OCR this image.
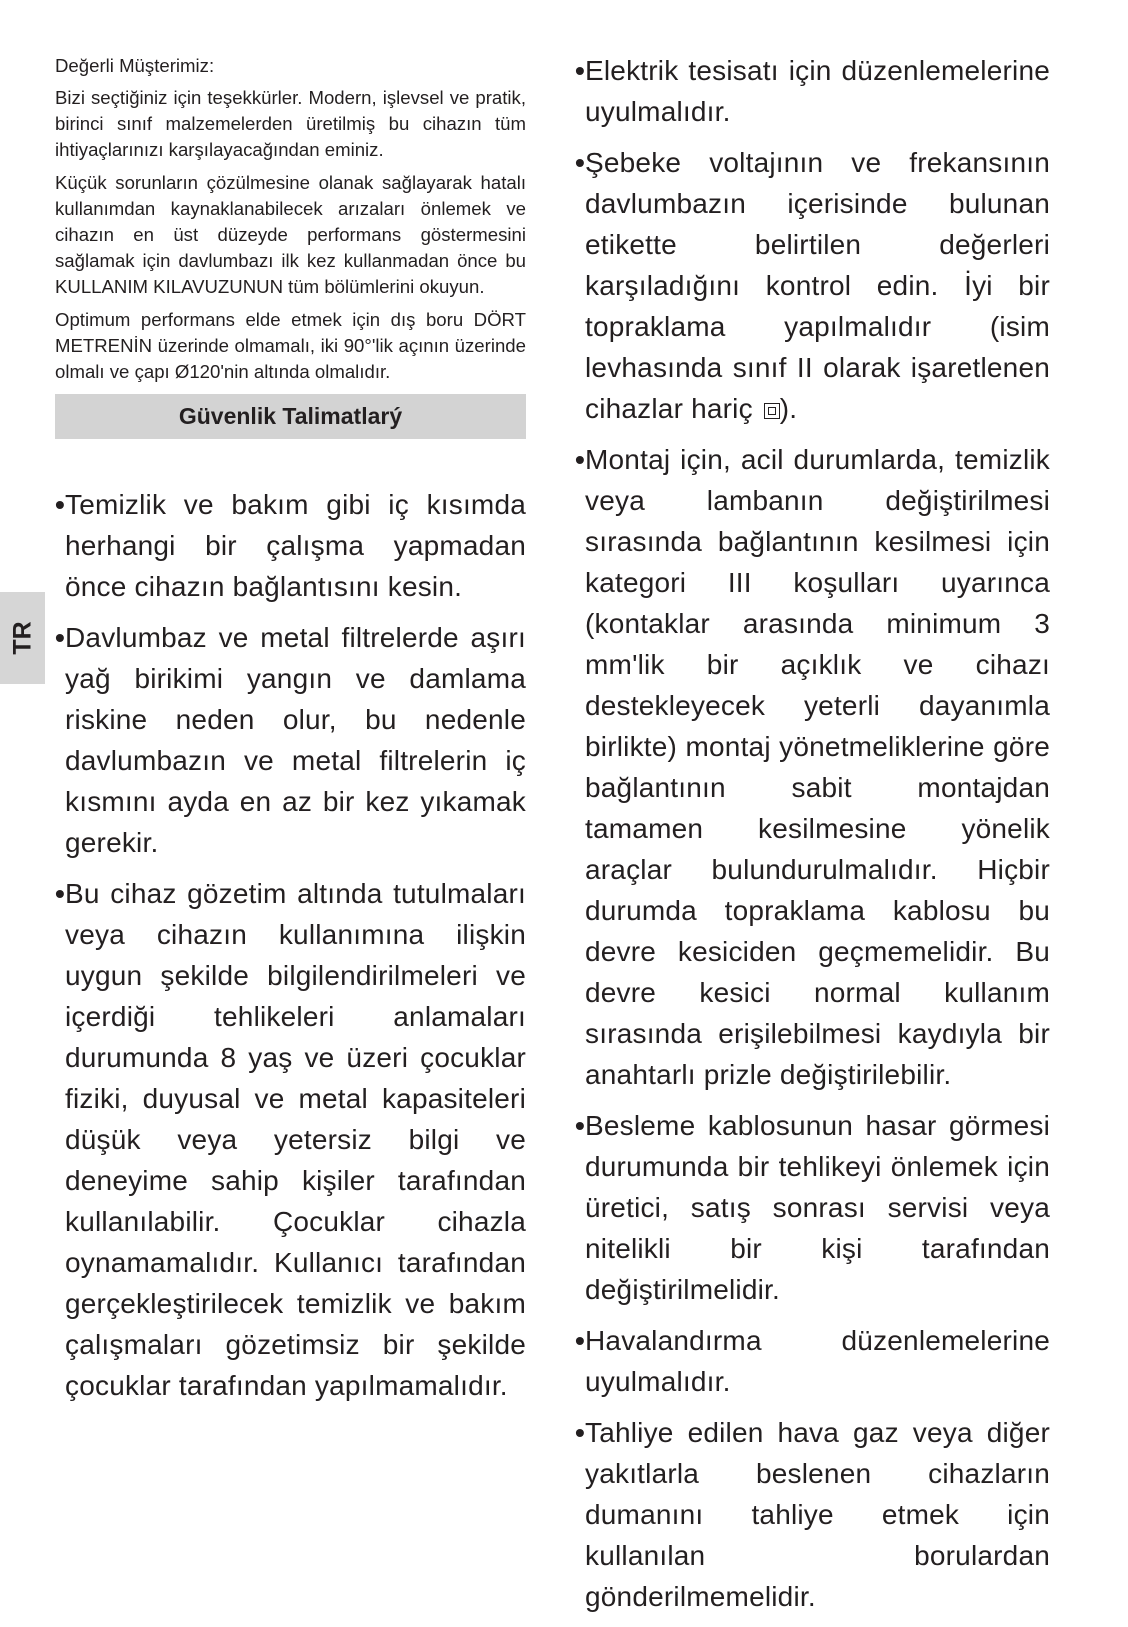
TR

Değerli Müşterimiz:

Bizi seçtiğiniz için teşekkürler. Modern, işlevsel ve pratik, birinci sınıf malzemelerden üretilmiş bu cihazın tüm ihtiyaçlarınızı karşılayacağından eminiz.

Küçük sorunların çözülmesine olanak sağlayarak hatalı kullanımdan kaynaklanabilecek arızaları önlemek ve cihazın en üst düzeyde performans göstermesini sağlamak için davlumbazı ilk kez kullanmadan önce bu KULLANIM KILAVUZUNUN tüm bölümlerini okuyun.

Optimum performans elde etmek için dış boru DÖRT METRENİN üzerinde olmamalı, iki 90°'lik açının üzerinde olmalı ve çapı Ø120'nin altında olmalıdır.

Güvenlik Talimatlarý
• Temizlik ve bakım gibi iç kısımda herhangi bir çalışma yapmadan önce cihazın bağlantısını kesin.
• Davlumbaz ve metal filtrelerde aşırı yağ birikimi yangın ve damlama riskine neden olur, bu nedenle davlumbazın ve metal filtrelerin iç kısmını ayda en az bir kez yıkamak gerekir.
• Bu cihaz gözetim altında tutulmaları veya cihazın kullanımına ilişkin uygun şekilde bilgilendirilmeleri ve içerdiği tehlikeleri anlamaları durumunda 8 yaş ve üzeri çocuklar fiziki, duyusal ve metal kapasiteleri düşük veya yetersiz bilgi ve deneyime sahip kişiler tarafından kullanılabilir. Çocuklar cihazla oynamamalıdır. Kullanıcı tarafından gerçekleştirilecek temizlik ve bakım çalışmaları gözetimsiz bir şekilde çocuklar tarafından yapılmamalıdır.
• Elektrik tesisatı için düzenlemelerine uyulmalıdır.
• Şebeke voltajının ve frekansının davlumbazın içerisinde bulunan etikette belirtilen değerleri karşıladığını kontrol edin. İyi bir topraklama yapılmalıdır (isim levhasında sınıf II olarak işaretlenen cihazlar hariç ).
• Montaj için, acil durumlarda, temizlik veya lambanın değiştirilmesi sırasında bağlantının kesilmesi için kategori III koşulları uyarınca (kontaklar arasında minimum 3 mm'lik bir açıklık ve cihazı destekleyecek yeterli dayanımla birlikte) montaj yönetmeliklerine göre bağlantının sabit montajdan tamamen kesilmesine yönelik araçlar bulundurulmalıdır. Hiçbir durumda topraklama kablosu bu devre kesiciden geçmemelidir. Bu devre kesici normal kullanım sırasında erişilebilmesi kaydıyla bir anahtarlı prizle değiştirilebilir.
• Besleme kablosunun hasar görmesi durumunda bir tehlikeyi önlemek için üretici, satış sonrası servisi veya nitelikli bir kişi tarafından değiştirilmelidir.
• Havalandırma düzenlemelerine uyulmalıdır.
• Tahliye edilen hava gaz veya diğer yakıtlarla beslenen cihazların dumanını tahliye etmek için kullanılan borulardan gönderilmemelidir.
